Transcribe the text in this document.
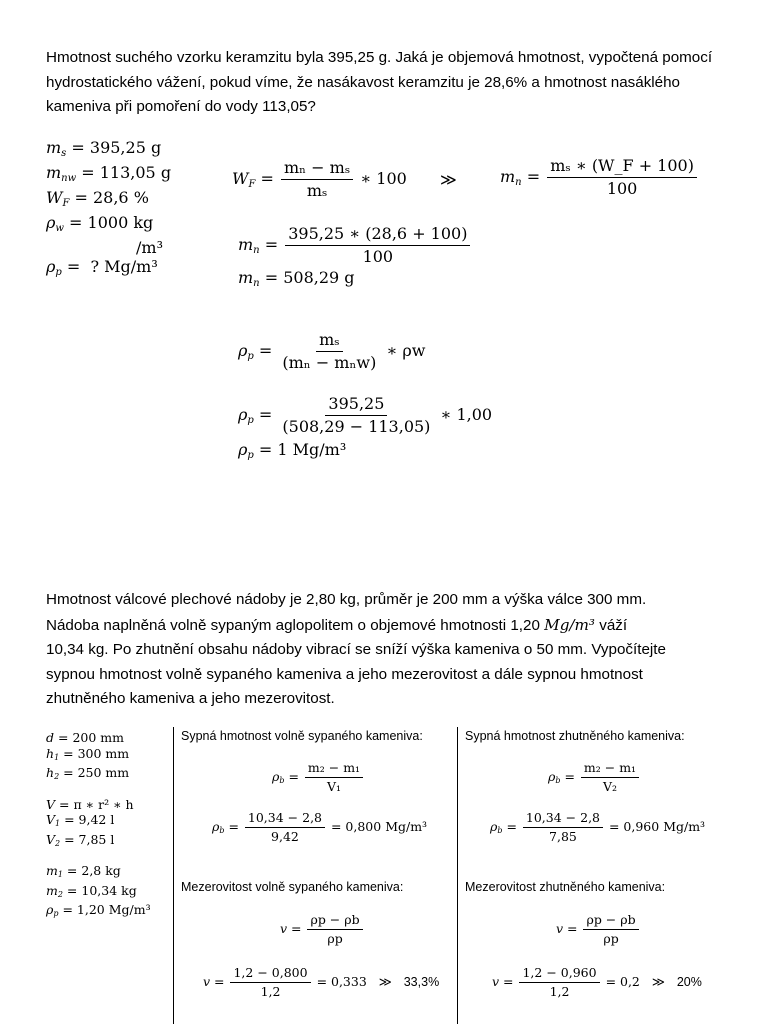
Hmotnost suchého vzorku keramzitu byla 395,25 g. Jaká je objemová hmotnost, vypočtená pomocí hydrostatického vážení, pokud víme, že nasákavost keramzitu je 28,6% a hmotnost nasáklého kameniva při pomoření do vody 113,05?
$m_s = 395,25$ g
$m_{nw} = 113,05$ g
$W_F = 28,6$ %
$\rho_w = 1000$ kg
/m³
$\rho_p$ =  ? Mg/m³
$W_F = \frac{\text{mₙ − mₛ}}{\text{mₛ}}$ ∗ 100 ≫	$m_n = \frac{\text{mₛ ∗ (W\_F + 100)}}{100}$
$m_n = \frac{395,25 ∗ (28,6 + 100)}{100}$
$m_n = 508,29$ g
$\rho_p = \frac{\text{mₛ}}{\text{(mₙ − mₙw)}}$ ∗ ρw
$\rho_p = \frac{395,25}{(508,29 - 113,05)}$ ∗ 1,00
$\rho_p = 1$ Mg/m³
Hmotnost válcové plechové nádoby je 2,80 kg, průměr je 200 mm a výška válce 300 mm.
Nádoba naplněná volně sypaným aglopolitem o objemové hmotnosti 1,20 Mg/m³ váží
10,34 kg. Po zhutnění obsahu nádoby vibrací se sníží výška kameniva o 50 mm. Vypočítejte
sypnou hmotnost volně sypaného kameniva a jeho mezerovitost a dále sypnou hmotnost
zhutněného kameniva a jeho mezerovitost.
d = 200 mm
$h_1 = 300$ mm
$h_2 = 250$ mm
V = π ∗ r² ∗ h
$V_1 = 9,42$ l
$V_2 = 7,85$ l
$m_1 = 2,8$ kg
$m_2 = 10,34$ kg
$\rho_p = 1,20$ Mg/m³
Sypná hmotnost volně sypaného kameniva:
$\rho_b = \frac{\text{m₂ − m₁}}{\text{V₁}}$
$\rho_b = \frac{10,34 - 2,8}{9,42} = 0,800$ Mg/m³
Mezerovitost volně sypaného kameniva:
$v = \frac{\rho p - \rho b}{\rho p}$
$v = \frac{1,2 - 0,800}{1,2} = 0,333$ ≫ 33,3%
Sypná hmotnost zhutněného kameniva:
$\rho_b = \frac{\text{m₂ − m₁}}{\text{V₂}}$
$\rho_b = \frac{10,34 - 2,8}{7,85} = 0,960$ Mg/m³
Mezerovitost zhutněného kameniva:
$v = \frac{\rho p - \rho b}{\rho p}$
$v = \frac{1,2 - 0,960}{1,2} = 0,2$ ≫ 20%
